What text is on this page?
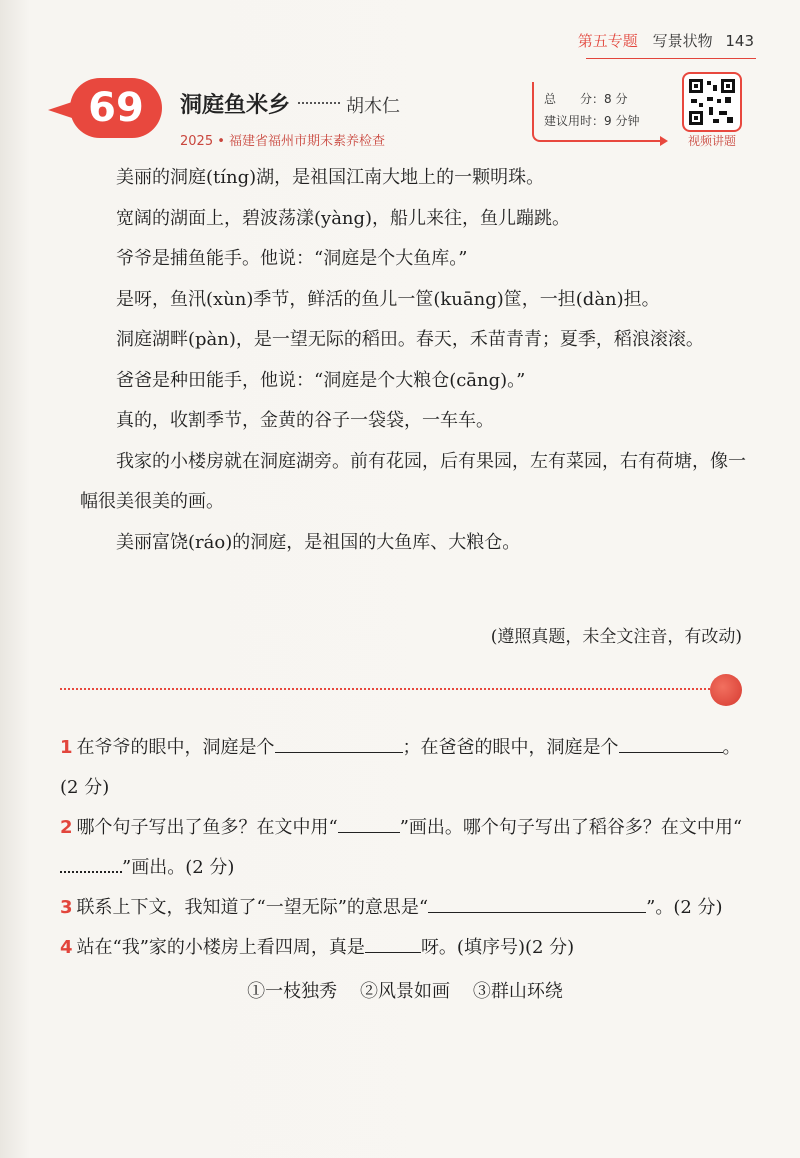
第五专题 写景状物 143
69	洞庭鱼米乡	胡木仁
2025 • 福建省福州市期末素养检查
总　　分：8 分
建议用时：9 分钟
视频讲题

美丽的洞庭(tíng)湖，是祖国江南大地上的一颗明珠。

宽阔的湖面上，碧波荡漾(yàng)，船儿来往，鱼儿蹦跳。

爷爷是捕鱼能手。他说：“洞庭是个大鱼库。”

是呀，鱼汛(xùn)季节，鲜活的鱼儿一筐(kuāng)筐，一担(dàn)担。

洞庭湖畔(pàn)，是一望无际的稻田。春天，禾苗青青；夏季，稻浪滚滚。

爸爸是种田能手，他说：“洞庭是个大粮仓(cāng)。”

真的，收割季节，金黄的谷子一袋袋，一车车。

我家的小楼房就在洞庭湖旁。前有花园，后有果园，左有菜园，右有荷塘，像一幅很美很美的画。

美丽富饶(ráo)的洞庭，是祖国的大鱼库、大粮仓。

(遵照真题，未全文注音，有改动)

1 在爷爷的眼中，洞庭是个	；在爸爸的眼中，洞庭是个	。(2 分)

2 哪个句子写出了鱼多？在文中用“	”画出。哪个句子写出了稻谷多？在文中用“”画出。(2 分)

3 联系上下文，我知道了“一望无际”的意思是“	”。(2 分)

4 站在“我”家的小楼房上看四周，真是	呀。(填序号)(2 分)

①一枝独秀 ②风景如画 ③群山环绕
